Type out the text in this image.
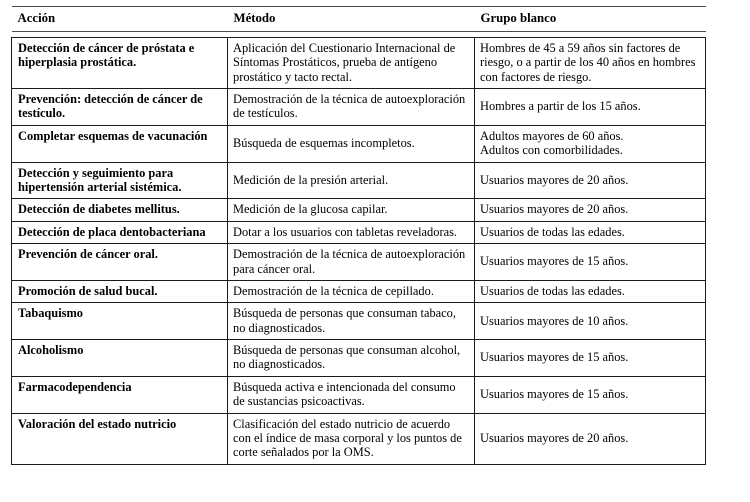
Acción	Método	Grupo blanco

Detección de cáncer de próstata e hiperplasia prostática.	Aplicación del Cuestionario Internacional de Síntomas Prostáticos, prueba de antígeno prostático y tacto rectal.	Hombres de 45 a 59 años sin factores de riesgo, o a partir de los 40 años en hombres con factores de riesgo.
Prevención: detección de cáncer de testículo.	Demostración de la técnica de autoexploración de testículos.	Hombres a partir de los 15 años.
Completar esquemas de vacunación	Búsqueda de esquemas incompletos.	Adultos mayores de 60 años.
Adultos con comorbilidades.

Detección y seguimiento para hipertensión arterial sistémica.	Medición de la presión arterial.	Usuarios mayores de 20 años.
Detección de diabetes mellitus.	Medición de la glucosa capilar.	Usuarios mayores de 20 años.
Detección de placa dentobacteriana	Dotar a los usuarios con tabletas reveladoras.	Usuarios de todas las edades.
Prevención de cáncer oral.	Demostración de la técnica de autoexploración para cáncer oral.	Usuarios mayores de 15 años.
Promoción de salud bucal.	Demostración de la técnica de cepillado.	Usuarios de todas las edades.
Tabaquismo	Búsqueda de personas que consuman tabaco, no diagnosticados.	Usuarios mayores de 10 años.
Alcoholismo	Búsqueda de personas que consuman alcohol, no diagnosticados.	Usuarios mayores de 15 años.
Farmacodependencia	Búsqueda activa e intencionada del consumo de sustancias psicoactivas.	Usuarios mayores de 15 años.
Valoración del estado nutricio	Clasificación del estado nutricio de acuerdo con el índice de masa corporal y los puntos de corte señalados por la OMS.	Usuarios mayores de 20 años.
